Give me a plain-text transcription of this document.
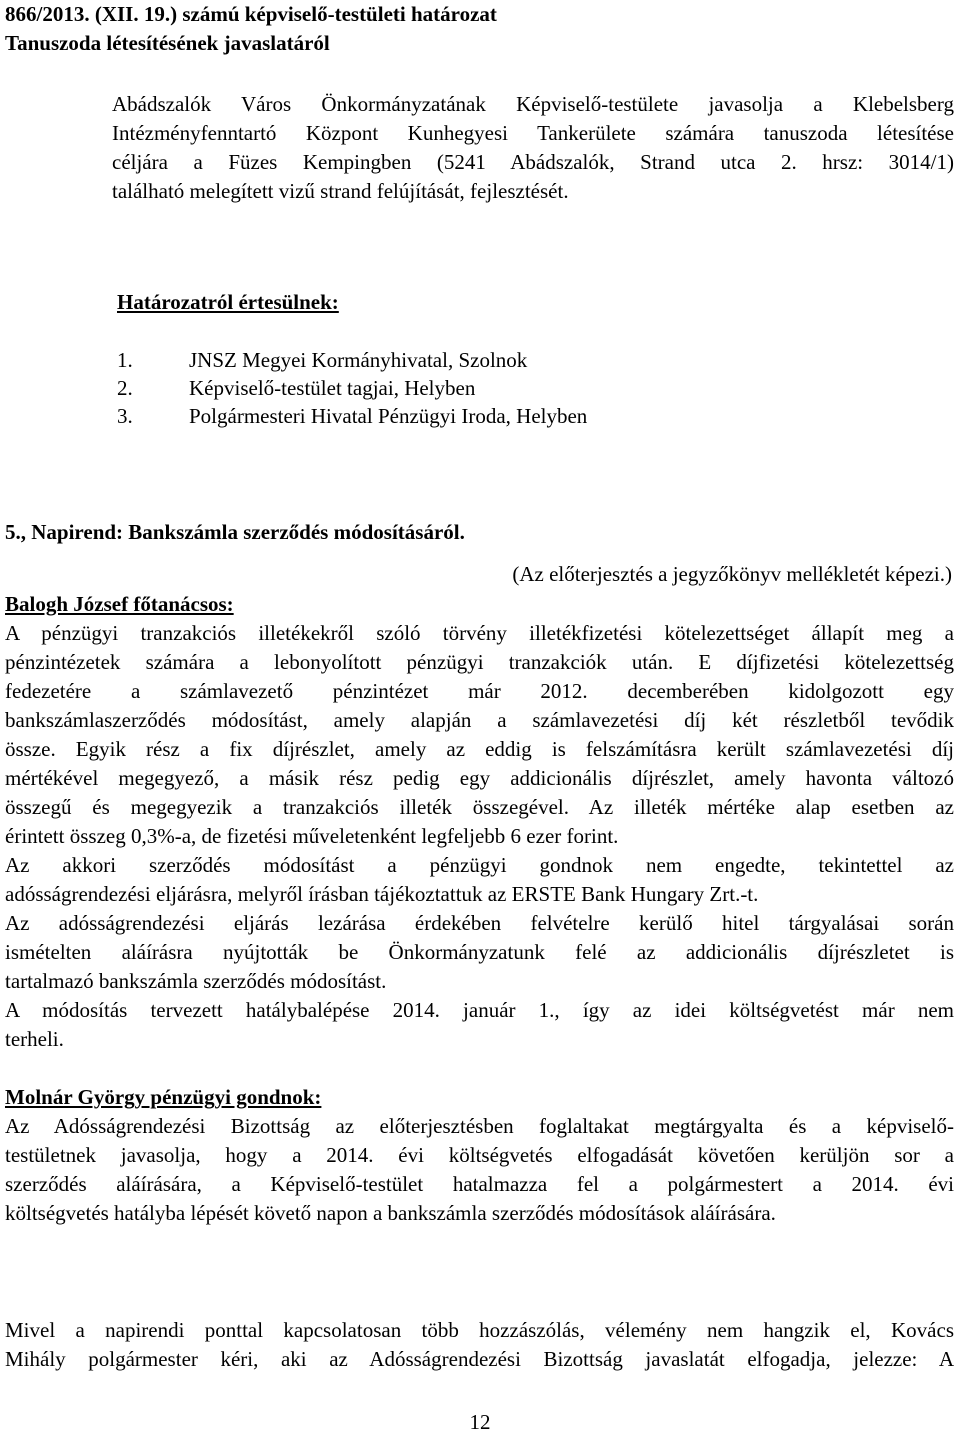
866/2013. (XII. 19.) számú képviselő-testületi határozat
Tanuszoda létesítésének javaslatáról
Abádszalók Város Önkormányzatának Képviselő-testülete javasolja a Klebelsberg
Intézményfenntartó Központ Kunhegyesi Tankerülete számára tanuszoda létesítése
céljára a Füzes Kempingben (5241 Abádszalók, Strand utca 2. hrsz: 3014/1)
található melegített vizű strand felújítását, fejlesztését.
Határozatról értesülnek:
1.	JNSZ Megyei Kormányhivatal, Szolnok
2.	Képviselő-testület tagjai, Helyben
3.	Polgármesteri Hivatal Pénzügyi Iroda, Helyben
5., Napirend: Bankszámla szerződés módosításáról.
(Az előterjesztés a jegyzőkönyv mellékletét képezi.)
Balogh József főtanácsos:
A pénzügyi tranzakciós illetékekről szóló törvény illetékfizetési kötelezettséget állapít meg a
pénzintézetek számára a lebonyolított pénzügyi tranzakciók után. E díjfizetési kötelezettség
fedezetére a számlavezető pénzintézet már 2012. decemberében kidolgozott egy
bankszámlaszerződés módosítást, amely alapján a számlavezetési díj két részletből tevődik
össze. Egyik rész a fix díjrészlet, amely az eddig is felszámításra került számlavezetési díj
mértékével megegyező, a másik rész pedig egy addicionális díjrészlet, amely havonta változó
összegű és megegyezik a tranzakciós illeték összegével. Az illeték mértéke alap esetben az
érintett összeg 0,3%-a, de fizetési műveletenként legfeljebb 6 ezer forint.
Az akkori szerződés módosítást a pénzügyi gondnok nem engedte, tekintettel az
adósságrendezési eljárásra, melyről írásban tájékoztattuk az ERSTE Bank Hungary Zrt.-t.
Az adósságrendezési eljárás lezárása érdekében felvételre kerülő hitel tárgyalásai során
ismételten aláírásra nyújtották be Önkormányzatunk felé az addicionális díjrészletet is
tartalmazó bankszámla szerződés módosítást.
A módosítás tervezett hatálybalépése 2014. január 1., így az idei költségvetést már nem
terheli.
Molnár György pénzügyi gondnok:
Az Adósságrendezési Bizottság az előterjesztésben foglaltakat megtárgyalta és a képviselő-
testületnek javasolja, hogy a 2014. évi költségvetés elfogadását követően kerüljön sor a
szerződés aláírására, a Képviselő-testület hatalmazza fel a polgármestert a 2014. évi
költségvetés hatályba lépését követő napon a bankszámla szerződés módosítások aláírására.
Mivel a napirendi ponttal kapcsolatosan több hozzászólás, vélemény nem hangzik el, Kovács
Mihály polgármester kéri, aki az Adósságrendezési Bizottság javaslatát elfogadja, jelezze: A
12
